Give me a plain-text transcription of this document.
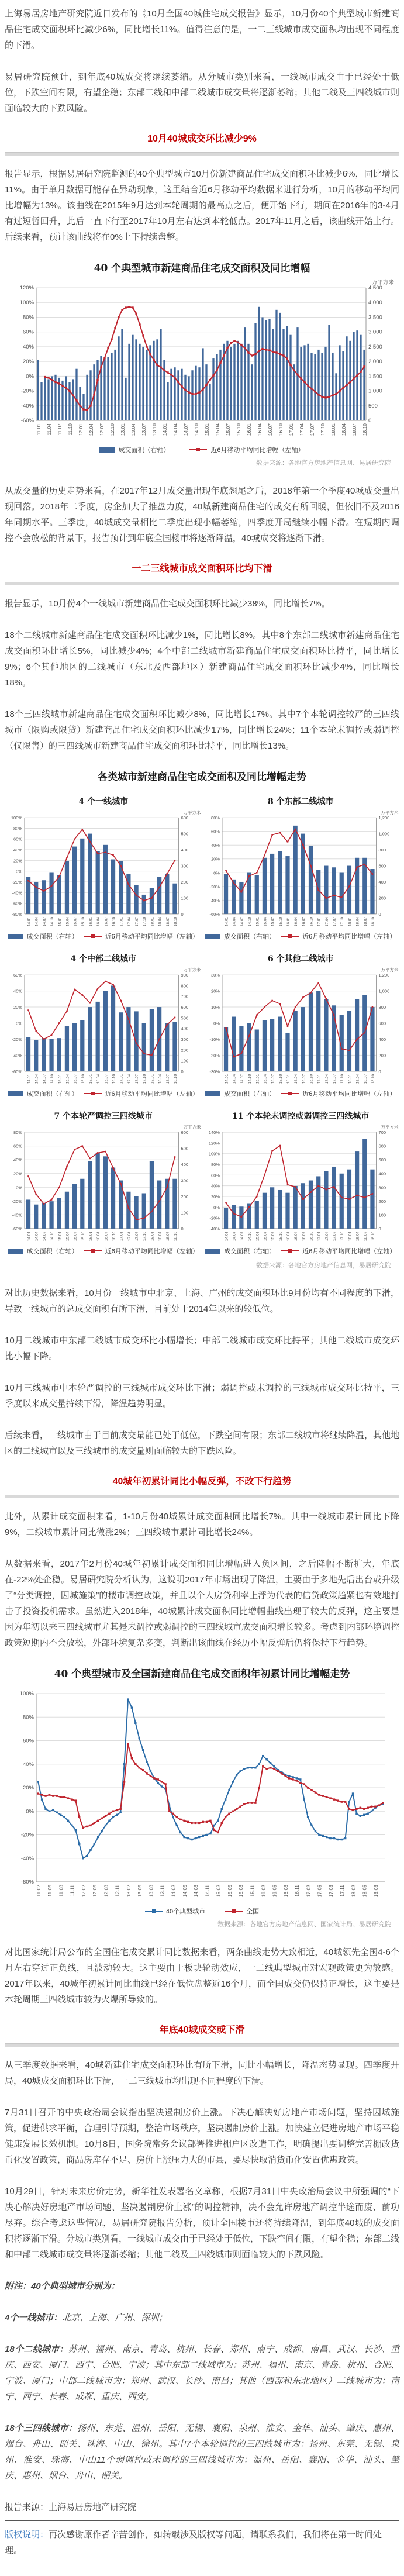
上海易居房地产研究院近日发布的《10月全国40城住宅成交报告》显示，10月份40个典型城市新建商品住宅成交面积环比减少6%，同比增长11%。值得注意的是，一二三线城市成交面积均出现不同程度的下滑。

易居研究院预计，到年底40城成交将继续萎缩。从分城市类别来看，一线城市成交由于已经处于低位，下跌空间有限，有望企稳；东部二线和中部二线城市成交量将逐渐萎缩；其他二线及三四线城市则面临较大的下跌风险。

10月40城成交环比减少9%

报告显示，根据易居研究院监测的40个典型城市10月份新建商品住宅成交面积环比减少6%，同比增长11%。由于单月数据可能存在异动现象，这里结合近6月移动平均数据来进行分析，10月的移动平均同比增幅为13%。该曲线在2015年9月达到本轮周期的最高点之后，便开始下行，期间在2016年的3-4月有过短暂回升，此后一直下行至2017年10月左右达到本轮低点。2017年11月之后，该曲线开始上行。后续来看，预计该曲线将在0%上下持续盘整。

40 个典型城市新建商品住宅成交面积及同比增幅
120%
100%
80%
60%
40%
20%
0%
-20%
-40%
-60%
4,500
4,000
3,500
3,000
2,500
2,000
1,500
1,000
500
0
万平方米
11.01 11.04 11.07 11.10 12.01 12.04 12.07 12.10 13.01 13.04 13.07 13.10 14.01 14.04 14.07 14.10 15.01 15.04 15.07 15.10 16.01 16.04 16.07 16.10 17.01 17.04 17.07 17.10 18.01 18.04 18.07 18.10
成交面积（右轴）	近6月移动平均同比增幅（左轴）
数据来源：各地官方房地产信息网、易居研究院

从成交量的历史走势来看，在2017年12月成交量出现年底翘尾之后，2018年第一个季度40城成交量出现回落。2018年二季度，房企加大了推盘力度，40城新建商品住宅的成交有所回暖，但依旧不及2016年同期水平。三季度，40城成交量相比二季度出现小幅萎缩，四季度开局继续小幅下滑。在短期内调控不会放松的背景下，报告预计到年底全国楼市将逐渐降温，40城成交将逐渐下滑。

一二三线城市成交面积环比均下滑

报告显示，10月份4个一线城市新建商品住宅成交面积环比减少38%，同比增长7%。

18个二线城市新建商品住宅成交面积环比减少1%，同比增长8%。其中8个东部二线城市新建商品住宅成交面积环比增长5%，同比减少4%；4个中部二线城市新建商品住宅成交面积环比持平，同比增长9%；6个其他地区的二线城市（东北及西部地区）新建商品住宅成交面积环比减少4%，同比增长18%。

18个三四线城市新建商品住宅成交面积环比减少8%，同比增长17%。其中7个本轮调控较严的三四线城市（限购或限贷）新建商品住宅成交面积环比减少17%，同比增长24%；11个本轮未调控或弱调控（仅限售）的三四线城市新建商品住宅成交面积环比持平，同比增长13%。

各类城市新建商品住宅成交面积及同比增幅走势
4 个一线城市
100%
80%
60%
40%
20%
0%
-20%
-40%
-60%
-80%
600
500
400
300
200
100
0
万平方米
14.01 14.04 14.07 14.10 15.01 15.04 15.07 15.10 16.01 16.04 16.07 16.10 17.01 17.04 17.07 17.10 18.01 18.04 18.07 18.10
成交面积（右轴）	近6月移动平均同比增幅（左轴）
8 个东部二线城市
80%
60%
40%
20%
0%
-20%
-40%
-60%
1,200
1,000
800
600
400
200
0
万平方米
14.01 14.04 14.07 14.10 15.01 15.04 15.07 15.10 16.01 16.04 16.07 16.10 17.01 17.04 17.07 17.10 18.01 18.04 18.07 18.10
成交面积（右轴）	近6月移动平均同比增幅（左轴）
4 个中部二线城市
60%
40%
20%
0%
-20%
-40%
-60%
900
800
700
600
500
400
300
200
100
0
万平方米
14.01 14.04 14.07 14.10 15.01 15.04 15.07 15.10 16.01 16.04 16.07 16.10 17.01 17.04 17.07 17.10 18.01 18.04 18.07 18.10
成交面积（右轴）	近6月移动平均同比增幅（左轴）
6 个其他二线城市
30%
20%
10%
0%
-10%
-20%
-30%
1,200
1,000
800
600
400
200
0
万平方米
14.01 14.04 14.07 14.10 15.01 15.04 15.07 15.10 16.01 16.04 16.07 16.10 17.01 17.04 17.07 17.10 18.01 18.04 18.07 18.10
成交面积（右轴）	近6月移动平均同比增幅（左轴）
7 个本轮严调控三四线城市
80%
60%
40%
20%
0%
-20%
-40%
-60%
600
500
400
300
200
100
0
万平方米
14.01 14.04 14.07 14.10 15.01 15.04 15.07 15.10 16.01 16.04 16.07 16.10 17.01 17.04 17.07 17.10 18.01 18.04 18.07 18.10
成交面积（右轴）	近6月移动平均同比增幅（左轴）
11 个本轮未调控或弱调控三四线城市
140%
120%
100%
80%
60%
40%
20%
0%
-20%
-40%
700
600
500
400
300
200
100
0
万平方米
14.01 14.04 14.07 14.10 15.01 15.04 15.07 15.10 16.01 16.04 16.07 16.10 17.01 17.04 17.07 17.10 18.01 18.04 18.07 18.10
成交面积（右轴）	近6月移动平均同比增幅（左轴）
数据来源：各地官方房地产信息网，易居研究院

对比历史数据来看，10月份一线城市中北京、上海、广州的成交面积环比9月份均有不同程度的下滑，导致一线城市的总成交面积有所下滑，目前处于2014年以来的较低位。

10月二线城市中东部二线城市成交环比小幅增长；中部二线城市成交环比持平；其他二线城市成交环比小幅下降。

10月三线城市中本轮严调控的三线城市成交环比下滑；弱调控或未调控的三线城市成交环比持平，三季度以来成交量持续下滑，降温趋势明显。

后续来看，一线城市由于目前成交量能已处于低位，下跌空间有限；东部二线城市将继续降温，其他地区的二线城市以及三线城市的成交量则面临较大的下跌风险。

40城年初累计同比小幅反弹，不改下行趋势

此外，从累计成交面积来看，1-10月份40城累计成交面积同比增长7%。其中一线城市累计同比下降9%，二线城市累计同比微涨2%；三四线城市累计同比增长24%。

从数据来看，2017年2月份40城年初累计成交面积同比增幅进入负区间，之后降幅不断扩大，年底在-22%处企稳。易居研究院分析认为，这说明2017年市场出现了降温，主要由于多地先后出台或升级了“分类调控，因城施策”的楼市调控政策，并且以个人房贷利率上浮为代表的信贷政策趋紧也有效地打击了投资投机需求。虽然进入2018年，40城累计成交面积同比增幅曲线出现了较大的反弹，这主要是因为年初以来三四线城市尤其是未调控或弱调控的三四线城市成交面积增长较多。考虑到内部环境调控政策短期内不会放松，外部环境复杂多变，判断出该曲线在经历小幅反弹后仍将保持下行趋势。

40 个典型城市及全国新建商品住宅成交面积年初累计同比增幅走势
100%
80%
60%
40%
20%
0%
-20%
-40%
-60%
11.02 11.05 11.08 11.11 12.02 12.05 12.08 12.11 13.02 13.05 13.08 13.11 14.02 14.05 14.08 14.11 15.02 15.05 15.08 15.11 16.02 16.05 16.08 16.11 17.02 17.05 17.08 17.11 18.02 18.05 18.08
40个典型城市	全国
数据来源：各地官方房地产信息网、国家统计局、易居研究院

对比国家统计局公布的全国住宅成交累计同比数据来看，两条曲线走势大致相近，40城领先全国4-6个月左右穿过正负线，且波动较大。这主要由于板块轮动效应，一二线典型城市对宏观政策更为敏感。2017年以来，40城年初累计同比曲线已经在低位盘整近16个月，而全国成交仍保持正增长，这主要是本轮周期三四线城市较为火爆所导致的。

年底40城成交或下滑

从三季度数据来看，40城新建住宅成交面积环比有所下滑，同比小幅增长，降温态势显现。四季度开局，40城成交面积环比下滑，一二三线城市均出现不同程度的下滑。

7月31日召开的中央政治局会议指出坚决遏制房价上涨。下决心解决好房地产市场问题，坚持因城施策，促进供求平衡，合理引导预期，整治市场秩序，坚决遏制房价上涨。加快建立促进房地产市场平稳健康发展长效机制。10月8日，国务院常务会议部署推进棚户区改造工作，明确提出要调整完善棚改货币化安置政策，商品房库存不足、房价上涨压力大的市县，要尽快取消货币化安置优惠政策。

10月29日，针对未来房价走势，新华社发表署名文章称，根据7月31日中央政治局会议中所强调的“下决心解决好房地产市场问题、坚决遏制房价上涨”的调控精神，决不会允许房地产调控半途而废、前功尽弃。综合考虑这些情况，易居研究院报告分析，预计全国楼市还将持续降温，到年底40城的成交面积将逐渐下滑。分城市类别看，一线城市成交由于已经处于低位，下跌空间有限，有望企稳；东部二线和中部二线城市成交量将逐渐萎缩；其他二线及三四线城市则面临较大的下跌风险。

附注：40个典型城市分别为：

4个一线城市：北京、上海、广州、深圳；

18个二线城市：苏州、福州、南京、青岛、杭州、长春、郑州、南宁、成都、南昌、武汉、长沙、重庆、西安、厦门、西宁、合肥、宁波；其中东部二线城市为：苏州、福州、南京、青岛、杭州、合肥、宁波、厦门；中部二线城市为：郑州、武汉、长沙、南昌；其他（西部和东北地区）二线城市为：南宁、西宁、长春、成都、重庆、西安。

18个三四线城市：扬州、东莞、温州、岳阳、无锡、襄阳、泉州、淮安、金华、汕头、肇庆、惠州、烟台、舟山、韶关、珠海、中山、徐州。其中7个本轮调控的三四线城市为：扬州、东莞、无锡、泉州、淮安、珠海、中山11个弱调控或未调控的三四线城市为：温州、岳阳、襄阳、金华、汕头、肇庆、惠州、烟台、舟山、韶关。

报告来源：上海易居房地产研究院

版权说明：再次感谢原作者辛苦创作，如转载涉及版权等问题，请联系我们，我们将在第一时间处理。
